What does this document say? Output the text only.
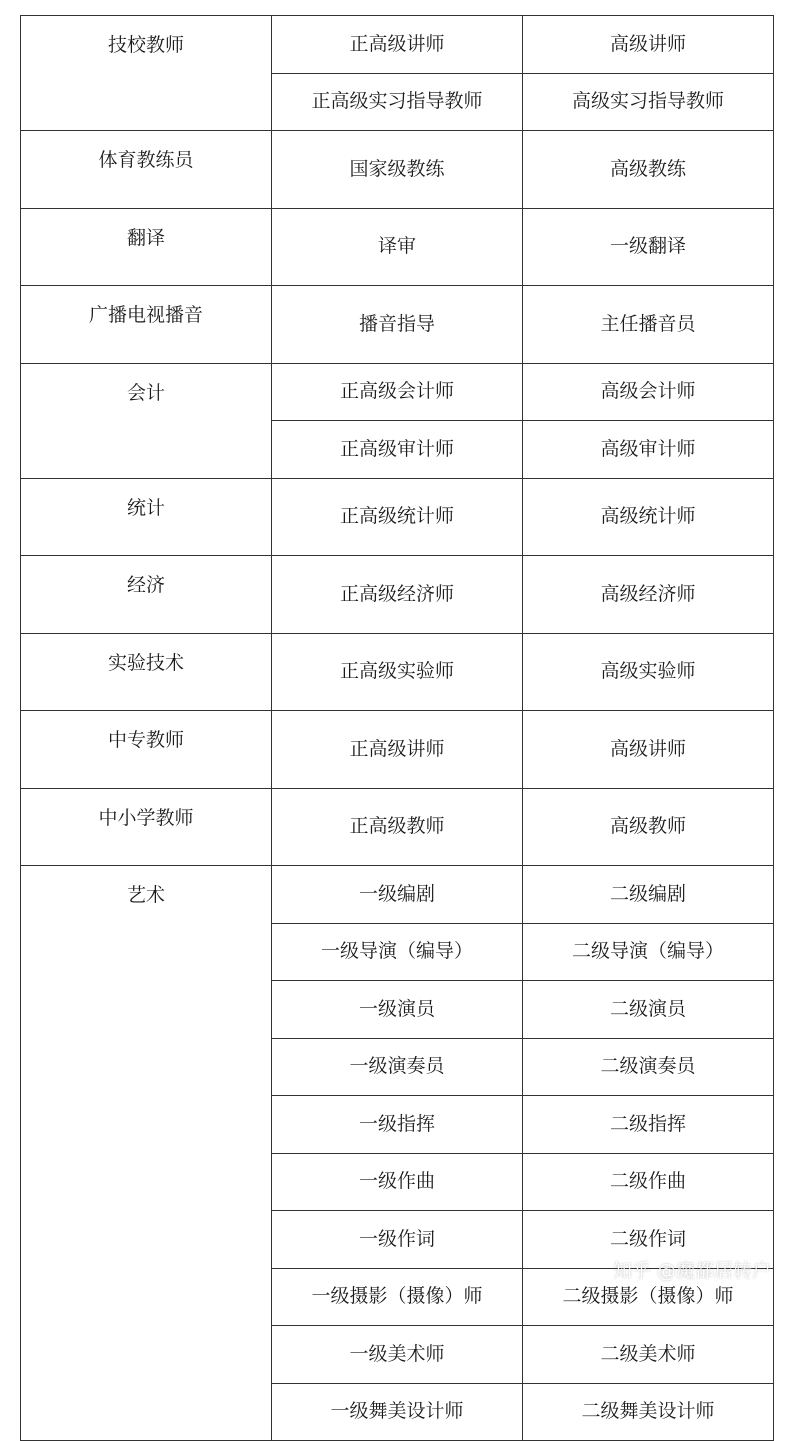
技校教师	正高级讲师	高级讲师
	正高级实习指导教师	高级实习指导教师
体育教练员	国家级教练	高级教练
翻译	译审	一级翻译
广播电视播音	播音指导	主任播音员
会计	正高级会计师	高级会计师
	正高级审计师	高级审计师
统计	正高级统计师	高级统计师
经济	正高级经济师	高级经济师
实验技术	正高级实验师	高级实验师
中专教师	正高级讲师	高级讲师
中小学教师	正高级教师	高级教师
艺术	一级编剧	二级编剧
	一级导演（编导）	二级导演（编导）
	一级演员	二级演员
	一级演奏员	二级演奏员
	一级指挥	二级指挥
	一级作曲	二级作曲
	一级作词	二级作词
	一级摄影（摄像）师	二级摄影（摄像）师
	一级美术师	二级美术师
	一级舞美设计师	二级舞美设计师
知乎 @魔都居转户
